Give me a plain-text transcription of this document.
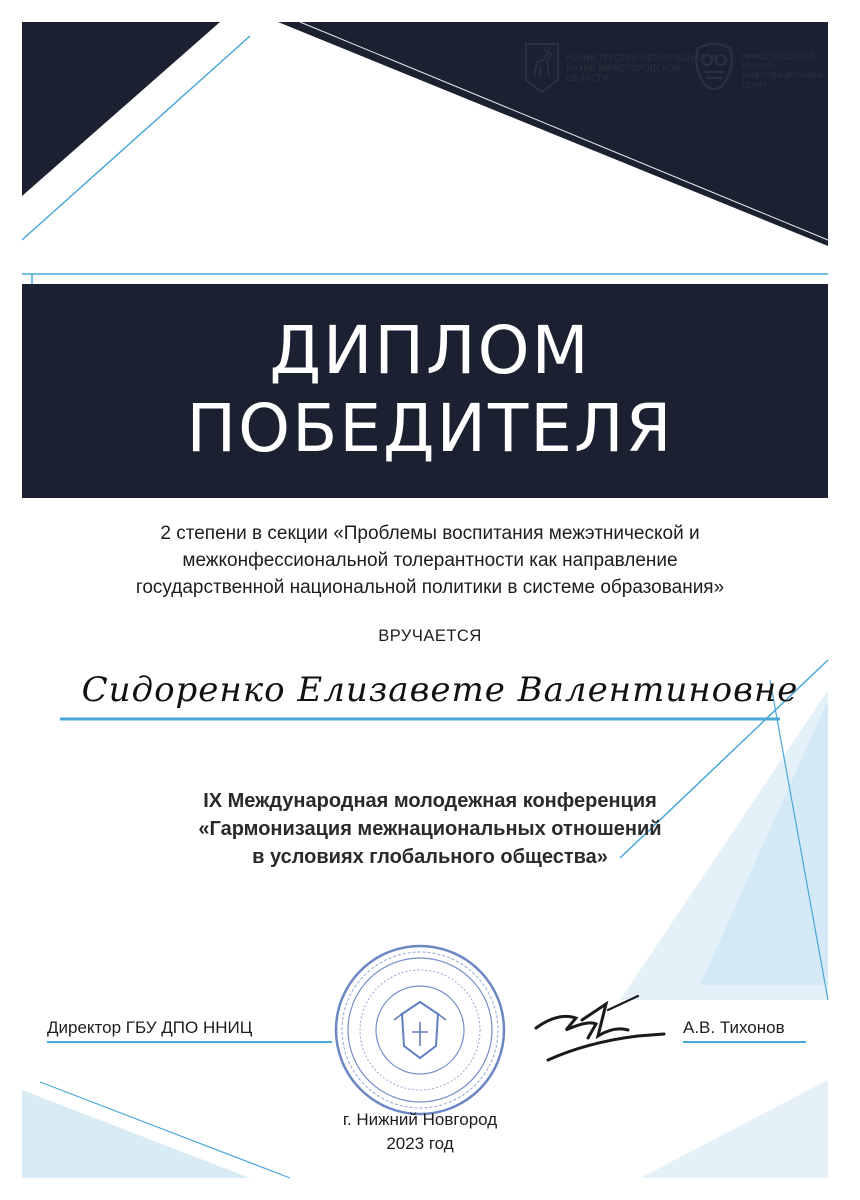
МИНИСТЕРСТВО ОБРАЗОВАНИЯ И НАУКИ НИЖЕГОРОДСКОЙ ОБЛАСТИ
НИЖЕГОРОДСКИЙ НАУЧНО ИНФОРМАЦИОННЫЙ ЦЕНТР
ДИПЛОМ
ПОБЕДИТЕЛЯ
2 степени в секции «Проблемы воспитания межэтнической и
межконфессиональной толерантности как направление
государственной национальной политики в системе образования»
ВРУЧАЕТСЯ
Сидоренко Елизавете Валентиновне
IX Международная молодежная конференция
«Гармонизация межнациональных отношений
в условиях глобального общества»
Директор ГБУ ДПО ННИЦ	А.В. Тихонов
г. Нижний Новгород
2023 год
